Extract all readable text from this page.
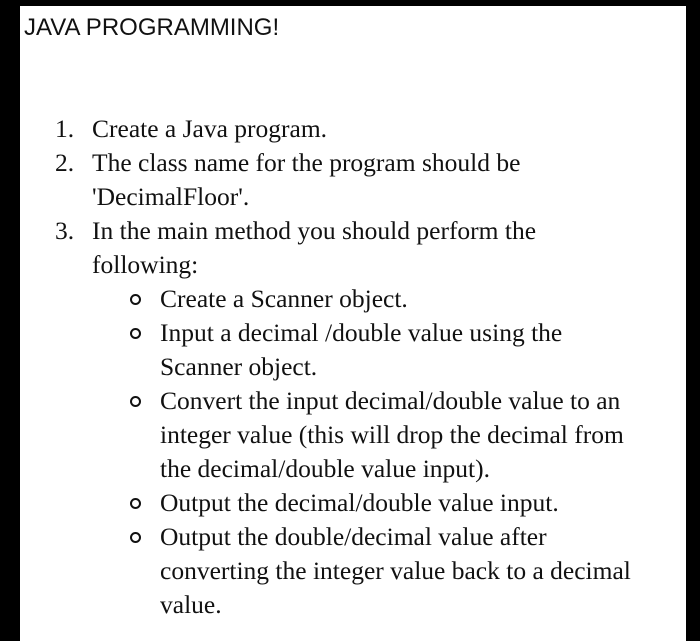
JAVA PROGRAMMING!
1. Create a Java program.
2. The class name for the program should be
'DecimalFloor'.
3. In the main method you should perform the
following:
Create a Scanner object.
Input a decimal /double value using the
Scanner object.
Convert the input decimal/double value to an
integer value (this will drop the decimal from
the decimal/double value input).
Output the decimal/double value input.
Output the double/decimal value after
converting the integer value back to a decimal
value.
